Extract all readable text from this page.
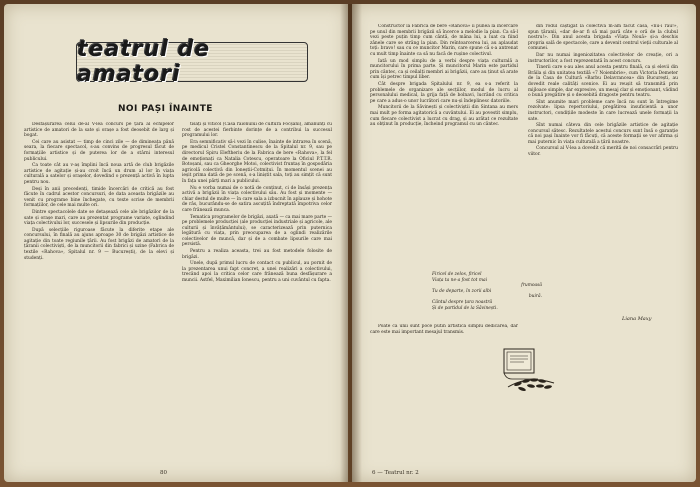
teatrul de amatori
NOI PAȘI ÎNAINTE

Desfășurarea celui de-al V-lea concurs pe țară al echipelor artistice de amatori de la sate și orașe a fost deosebit de larg și bogat.

Cei care au asistat — timp de cinci zile — de dimineața până seara, la fiecare spectacol, s-au convins de progresul făcut de formațiile artistice și de puterea lor de a stârni interesul publicului.

Ca toate cât au v-aș împlini încă noua artă de club brigăzile artistice de agitație și-au croit încă un drum al lor în viața culturală a satelor și orașelor, dovedind o prezență activă în lupta pentru nou.

Deși în anii precedenți, timide încercări de critică au fost făcute în cadrul acestor concursuri, de data aceasta brigăzile au venit cu programe bine închegate, cu texte scrise de membrii formațiilor, de cele mai multe ori.

Dintre spectacolele date se detașează cele ale brigăzilor de la sate și orașe mari, care au prezentat programe variate, oglindind viața colectivului lor, succesele și lipsurile din producție.

După selecțiile riguroase făcute la diferite etape ale concursului, în finală au ajuns aproape 30 de brigăzi artistice de agitație din toate regiunile țării. Au fost brigăzi de amatori de la țăranii colectiviști, de la muncitorii din fabrici și uzine (Fabrica de textile «Rahova», Spitalul nr. 9 — București), de la elevi și studenți.

tisați și viticol (Casa raionului de cultură Focșani), amănunți cu rost de acestei fierbinte dorințe de a contribui la succesul programului lor.

Era semnificativ să-i vezi în culise, înainte de intrarea în scenă, pe medicul Cristel Constantinescu de la Spitalul nr. 9, sau pe directorul Spiru Eleftheriu de la Fabrica de bere «Rahova», la fel de emoționați ca Natalia Cotescu, operatoare la Oficiul P.T.T.R. Botoșani, sau ca Gheorghe Motoi, colectivist fruntaș în gospodăria agricolă colectivă din Ioneștii-Cotmițui. În momentul scenei au ieșit prima dată de pe scenă, s-a liniștit sala, toți au simțit că sunt în fața unei părți mari a publicului.

Nu e vorba numai de o notă de conținut, ci de însăși prezența activă a brigăzii în viața colectivului său. Au fost și momente — chiar destul de multe — în care sala a izbucnit în aplauze și hohote de râs, bucurându-se de satira ascuțită îndreptată împotriva celor care frânează munca.

Tematica programelor de brigăzi, axată — ca mai mare parte — pe problemele producției (ale producției industriale și agricole, ale culturii și învățământului), se caracterizează prin puternica legătură cu viața, prin preocuparea de a oglindi realizările colectivelor de muncă, dar și de a combate lipsurile care mai persistă.

Pentru a realiza aceasta, trei au fost metodele folosite de brigăzi.

Unele, după primul lucru de contact cu publicul, au pornit de la prezentarea unui fapt concret, a unei realizări a colectivului, trecând apoi la critica celor care frânează buna desfășurare a muncii. Astfel, Maximilian Ionescu, pentru a uni cuvântul cu fapta.

80

Constructor la Fabrica de bere «Rahova» îi punea la încercare pe unul din membrii brigăzii să încerce a melodie la pian. Ca să-l vezi peste puțin timp cum cântă, de mâna lui, a luat ca fiind zânele care se strâng la pian. Din reîntoarcerea lui, au aplaudat toți: bravo! sau cu ce muncitor Marin, care spune că s-a antrenat cu mult timp înainte ca să nu facă de rușine colectivul.

Iată un mod simplu de a verbi despre viața culturală a muncitorului în prima parte. Și muncitorul Marin este partidul prin cântec, ca și ceilalți membri ai brigăzii, care au ținut să arate cum își petrec timpul liber.

Cât despre brigada Spitalului nr. 9, ea s-a referit la problemele de organizare ale secțiilor, modul de lucru al personalului medical, la grija față de bolnavi, lucrând cu critica pe care a adus-o unor lucrători care nu-și îndeplinesc datoriile.

Muncitorii de la Săvinești și colectiviștii din Sintana au mers mai mult pe forma agitatorică a cuvântului. Ei au povestit simplu, cum fiecare colectivist a lucrat cu drag, și au arătat ce rezultate au obținut în producție, încheind programul cu un cântec.

Poate că unii sunt poce putin artistică simplu dedicarea, dar care este mai important mesajul transmis.

din rodul câștigat la colectivă m-am făcut casă, «nu-i rău!», spun țăranii, «dar de-ar fi să mai pară câte o oră de la clubul nostru!». Din anul acesta brigada «Viața Nouă» și-a deschis propria sală de spectacole, care a devenit centrul vieții culturale al comunei.

Dar nu numai ingeniozitatea colectivelor de creație, ori a instructorilor, a fost reprezentată în acest concurs.

Tinerii care s-au ales anul acesta pentru finală, ca și elevii din Brăila și din unitatea textilă «7 Noiembrie», cum Victoria Demeter de la Casa de Cultură «Barbu Delavrancea» din București, au dovedit reale calități scenice. Ei au reușit să transmită prin mijloace simple, dar expresive, un mesaj clar și emoționant, vădind o bună pregătire și o deosebită dragoste pentru teatru.

Sînt anumite mari probleme care încă nu sunt în întregime rezolvate: lipsa repertoriului, pregătirea insuficientă a unor instructori, condițiile modeste în care lucrează unele formații la sate.

Sînt numai câteva din cele brigăzile artistice de agitație concursul sătesc. Rezultatele acestui concurs sunt însă o garanție că noi pași înainte vor fi făcuți, că aceste formații se vor afirma și mai puternic în viața culturală a țării noastre.

Concursul al V-lea a dovedit că merită de noi consacrări pentru viitor.

Liana Maxy
6 — Teatrul nr. 2
Firicel de zelos, firicel
Viața ta ne-a fost tot mai
frumoasă
Tu de departe, în zorii albi
buiră.
Cântul despre țara noastră
Și de partidul de la Săvinești.
